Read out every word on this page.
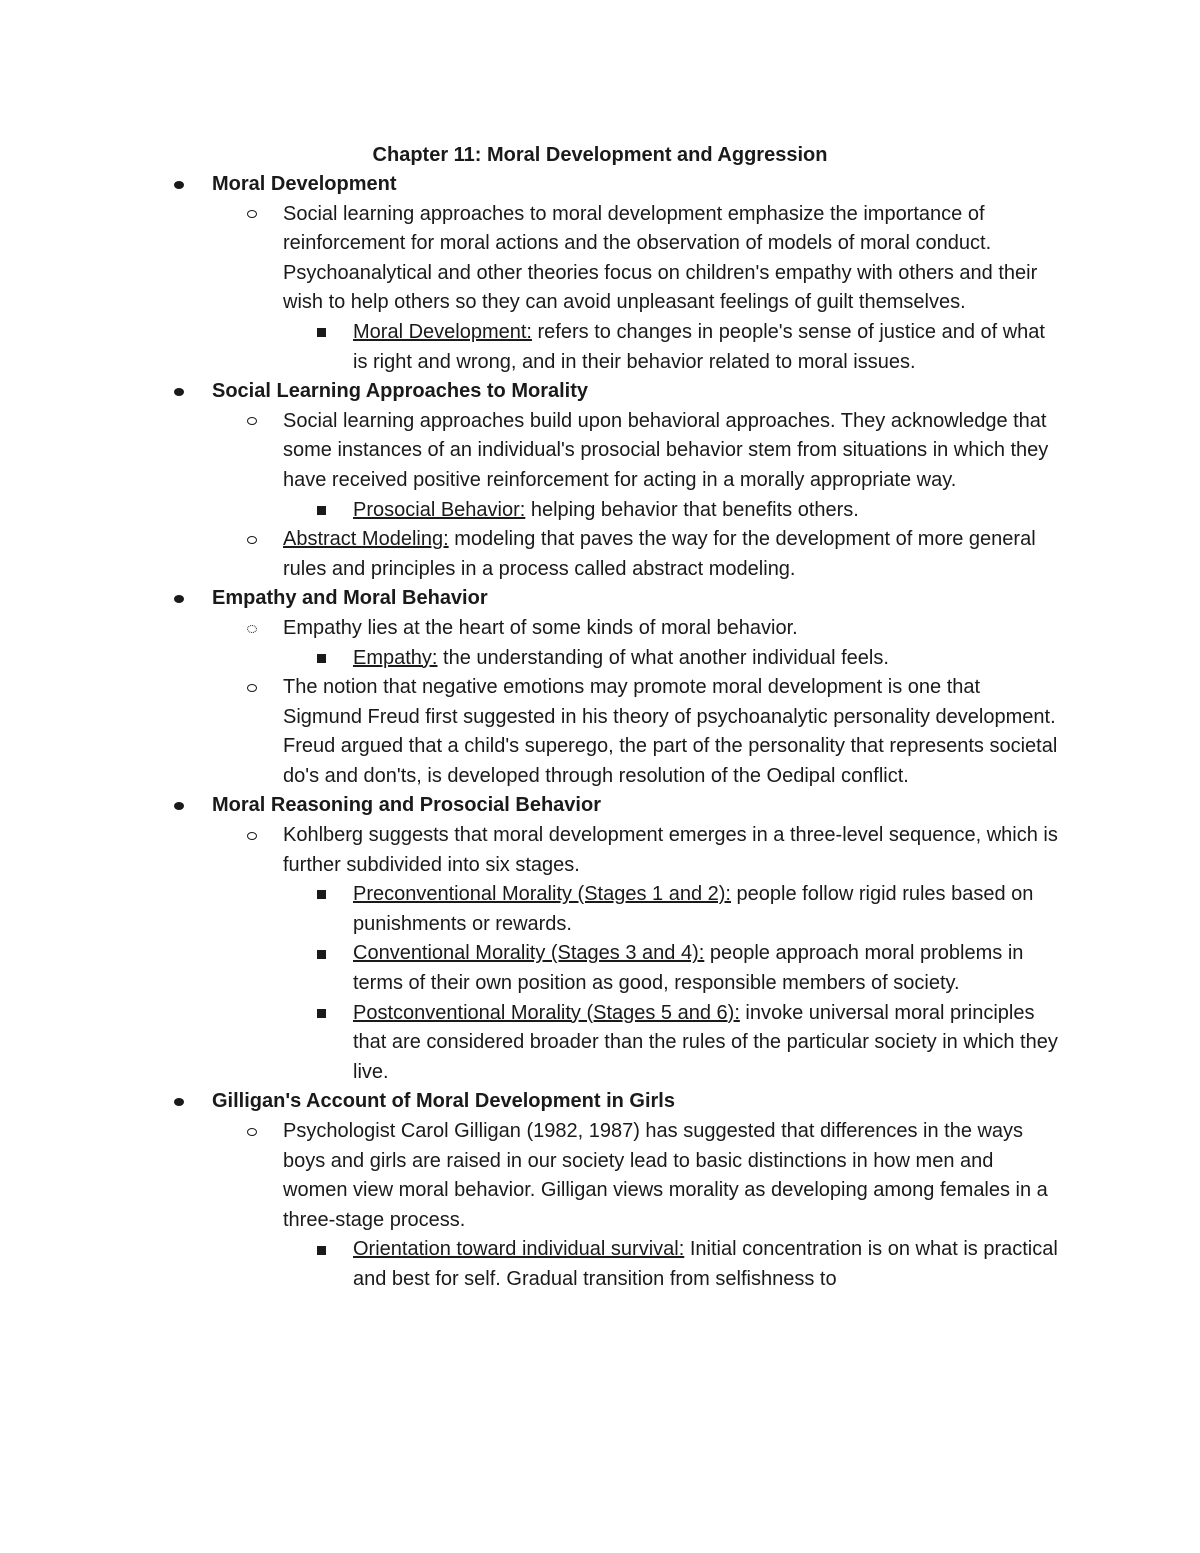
Chapter 11: Moral Development and Aggression
Moral Development
Social learning approaches to moral development emphasize the importance of reinforcement for moral actions and the observation of models of moral conduct. Psychoanalytical and other theories focus on children's empathy with others and their wish to help others so they can avoid unpleasant feelings of guilt themselves.
Moral Development: refers to changes in people's sense of justice and of what is right and wrong, and in their behavior related to moral issues.
Social Learning Approaches to Morality
Social learning approaches build upon behavioral approaches. They acknowledge that some instances of an individual's prosocial behavior stem from situations in which they have received positive reinforcement for acting in a morally appropriate way.
Prosocial Behavior: helping behavior that benefits others.
Abstract Modeling: modeling that paves the way for the development of more general rules and principles in a process called abstract modeling.
Empathy and Moral Behavior
Empathy lies at the heart of some kinds of moral behavior.
Empathy: the understanding of what another individual feels.
The notion that negative emotions may promote moral development is one that Sigmund Freud first suggested in his theory of psychoanalytic personality development. Freud argued that a child's superego, the part of the personality that represents societal do's and don'ts, is developed through resolution of the Oedipal conflict.
Moral Reasoning and Prosocial Behavior
Kohlberg suggests that moral development emerges in a three-level sequence, which is further subdivided into six stages.
Preconventional Morality (Stages 1 and 2): people follow rigid rules based on punishments or rewards.
Conventional Morality (Stages 3 and 4): people approach moral problems in terms of their own position as good, responsible members of society.
Postconventional Morality (Stages 5 and 6): invoke universal moral principles that are considered broader than the rules of the particular society in which they live.
Gilligan's Account of Moral Development in Girls
Psychologist Carol Gilligan (1982, 1987) has suggested that differences in the ways boys and girls are raised in our society lead to basic distinctions in how men and women view moral behavior. Gilligan views morality as developing among females in a three-stage process.
Orientation toward individual survival: Initial concentration is on what is practical and best for self. Gradual transition from selfishness to
